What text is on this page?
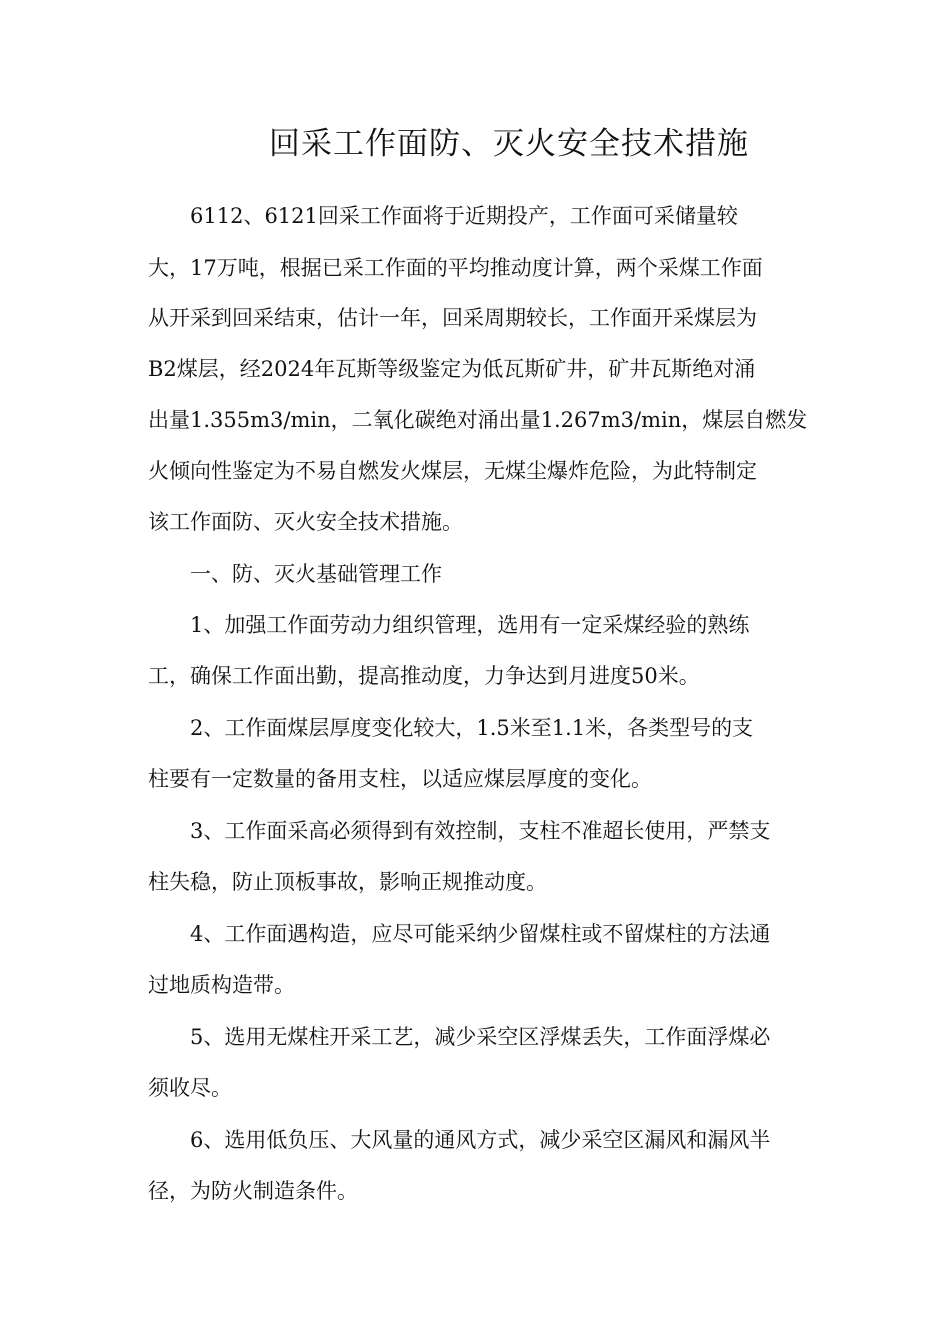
回采工作面防、灭火安全技术措施

6112、6121回采工作面将于近期投产，工作面可采储量较

大，17万吨，根据已采工作面的平均推动度计算，两个采煤工作面

从开采到回采结束，估计一年，回采周期较长，工作面开采煤层为

B2煤层，经2024年瓦斯等级鉴定为低瓦斯矿井，矿井瓦斯绝对涌

出量1.355m3/min，二氧化碳绝对涌出量1.267m3/min，煤层自燃发

火倾向性鉴定为不易自燃发火煤层，无煤尘爆炸危险，为此特制定

该工作面防、灭火安全技术措施。

一、防、灭火基础管理工作

1、加强工作面劳动力组织管理，选用有一定采煤经验的熟练

工，确保工作面出勤，提高推动度，力争达到月进度50米。

2、工作面煤层厚度变化较大，1.5米至1.1米，各类型号的支

柱要有一定数量的备用支柱，以适应煤层厚度的变化。

3、工作面采高必须得到有效控制，支柱不准超长使用，严禁支

柱失稳，防止顶板事故，影响正规推动度。

4、工作面遇构造，应尽可能采纳少留煤柱或不留煤柱的方法通

过地质构造带。

5、选用无煤柱开采工艺，减少采空区浮煤丢失，工作面浮煤必

须收尽。

6、选用低负压、大风量的通风方式，减少采空区漏风和漏风半

径，为防火制造条件。
